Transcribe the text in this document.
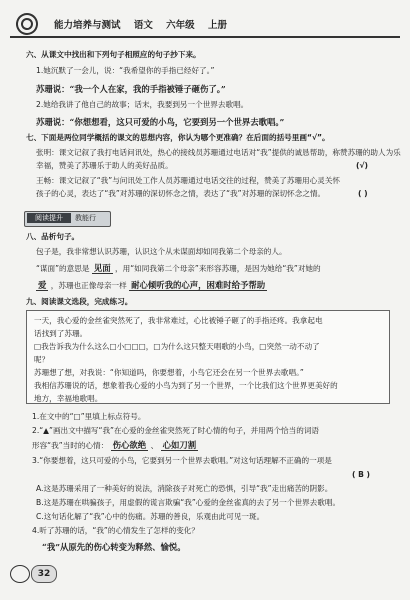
能力培养与测试 语文 六年级 上册
六、从课文中找出和下列句子相照应的句子抄下来。
1.她沉默了一会儿，说：“我希望你的手指已经好了。”
苏珊说：“我一个人在家，我的手指被锤子砸伤了。”
2.她给我讲了他自己的故事；话末，我要到另一个世界去歌唱。
苏珊说：“你想想看，这只可爱的小鸟，它要到另一个世界去歌唱。”
七、下面是两位同学概括的课文的思想内容，你认为哪个更准确？在后面的括号里画“√”。
张明：课文记叙了我打电话问讯处，热心的接线员苏珊通过电话对“我”提供的诚恳帮助，称赞苏珊的助人为乐
幸福，赞美了苏珊乐于助人的美好品质。	(√)
王畅：课文记叙了“我”与问讯处工作人员苏珊通过电话交往的过程，赞美了苏珊用心灵关怀
孩子的心灵，表达了“我”对苏珊的深切怀念之情，表达了“我”对苏珊的深切怀念之情。	( )
阅读提升	教能行
八、品析句子。
包子是，我非常想认识苏珊，认识这个从未谋面却如同我第二个母亲的人。
“谋面”的意思是 见面 ，用“如同我第二个母亲”来形容苏珊，是因为她给“我”对她的
爱 ，苏珊也正像母亲一样 耐心倾听我的心声，困难时给予帮助
九、阅读课文选段，完成练习。
一天，我心爱的金丝雀突然死了，我非常难过，心比被锤子砸了的手指还疼。我拿起电
话找到了苏珊。
□我告诉我为什么这么□小□□□，□为什么这只整天唱歌的小鸟，□突然一动不动了
呢？
苏珊想了想，对我说：“你知道吗，你要想着，小鸟它还会在另一个世界去歌唱。”
我相信苏珊说的话，想象着我心爱的小鸟为到了另一个世界，一个比我们这个世界更美好的
地方，幸福地歌唱。
1.在文中的“□”里填上标点符号。
2.“▲”画出文中描写“我”在心爱的金丝雀突然死了时心情的句子，并用两个恰当的词语
形容“我”当时的心情： 伤心欲绝 、 心如刀割
3.“你要想着，这只可爱的小鸟，它要到另一个世界去歌唱。”对这句话理解不正确的一项是
( B )
A.这是苏珊采用了一种美好的说法，消除孩子对死亡的恐惧，引导“我”走出痛苦的阴影。
B.这是苏珊在哄骗孩子，用虚假的谎言欺骗“我”心爱的金丝雀真的去了另一个世界去歌唱。
C.这句话化解了“我”心中的伤痛。苏珊的善良，乐观由此可见一斑。
4.听了苏珊的话，“我”的心情发生了怎样的变化？
“我”从原先的伤心转变为释然、愉悦。
32
